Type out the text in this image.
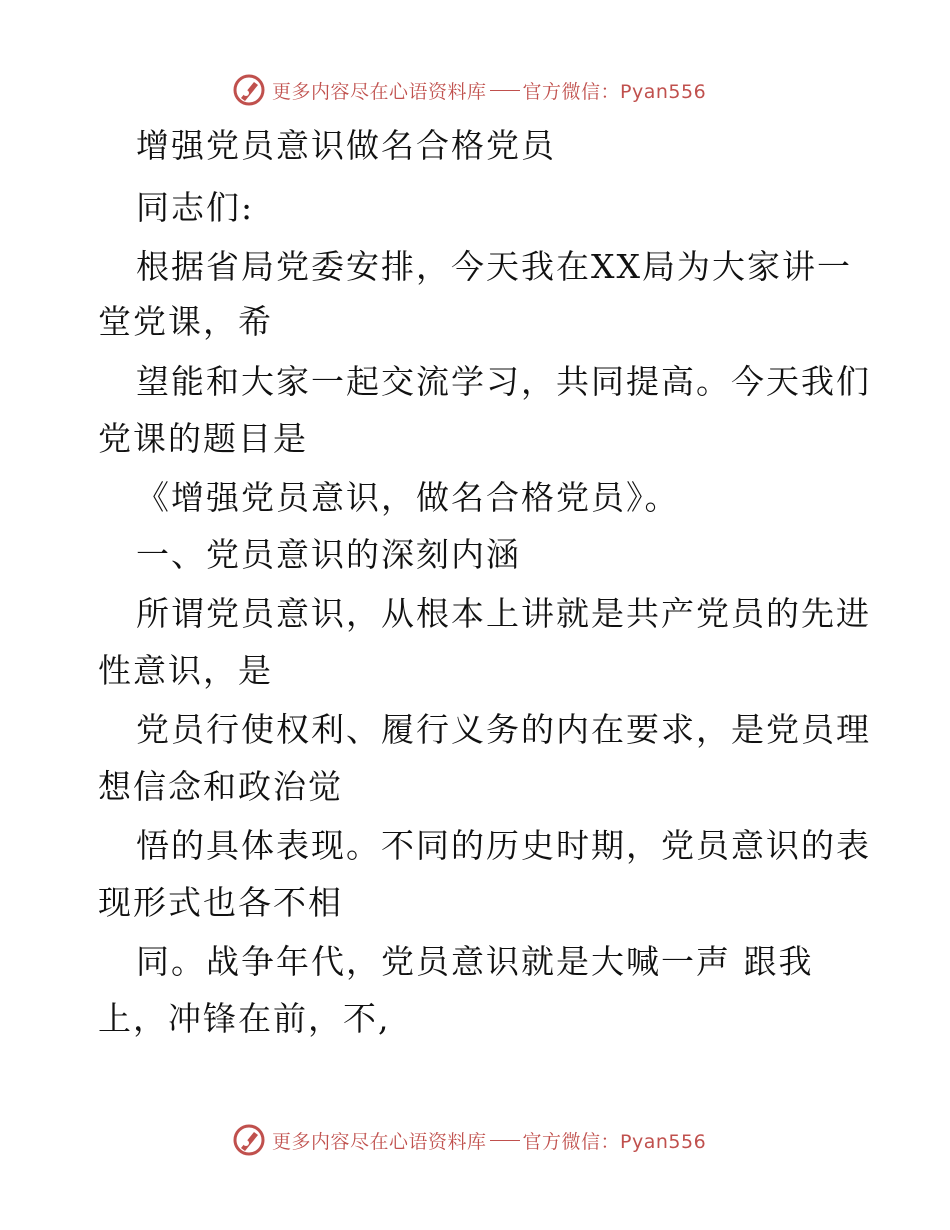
更多内容尽在心语资料库 官方微信：Pyan556
增强党员意识做名合格党员
同志们:
根据省局党委安排，今天我在XX局为大家讲一
堂党课，希
望能和大家一起交流学习，共同提高。今天我们
党课的题目是
《增强党员意识，做名合格党员》。
一、党员意识的深刻内涵
所谓党员意识，从根本上讲就是共产党员的先进
性意识，是
党员行使权利、履行义务的内在要求，是党员理
想信念和政治觉
悟的具体表现。不同的历史时期，党员意识的表
现形式也各不相
同。战争年代，党员意识就是大喊一声 跟我
上，冲锋在前，不,
更多内容尽在心语资料库 官方微信：Pyan556
